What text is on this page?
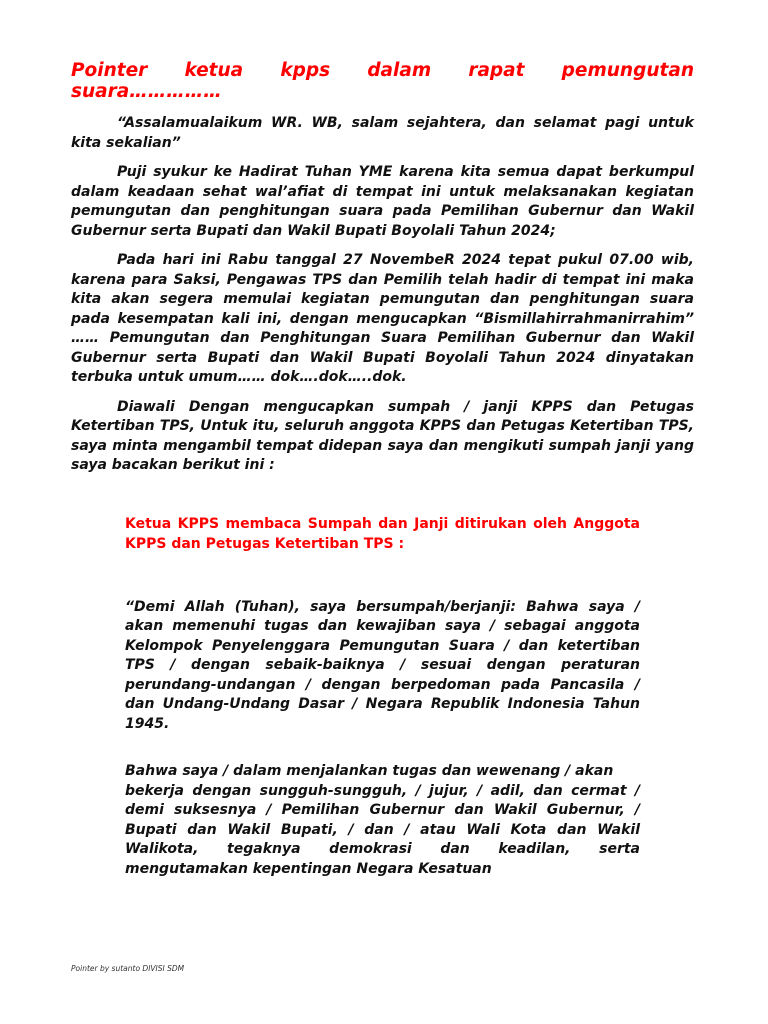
Pointer ketua kpps dalam rapat pemungutan suara……………

“Assalamualaikum WR. WB, salam sejahtera, dan selamat pagi untuk kita sekalian”

Puji syukur ke Hadirat Tuhan YME karena kita semua dapat berkumpul dalam keadaan sehat wal’afiat di tempat ini untuk melaksanakan kegiatan pemungutan dan penghitungan suara pada Pemilihan Gubernur dan Wakil Gubernur serta Bupati dan Wakil Bupati Boyolali Tahun 2024;

Pada hari ini Rabu tanggal 27 NovembeR 2024 tepat pukul 07.00 wib, karena para Saksi, Pengawas TPS dan Pemilih telah hadir di tempat ini maka kita akan segera memulai kegiatan pemungutan dan penghitungan suara pada kesempatan kali ini, dengan mengucapkan “Bismillahirrahmanirrahim” …… Pemungutan dan Penghitungan Suara Pemilihan Gubernur dan Wakil Gubernur serta Bupati dan Wakil Bupati Boyolali Tahun 2024 dinyatakan terbuka untuk umum…… dok….dok…..dok.

Diawali Dengan mengucapkan sumpah / janji KPPS dan Petugas Ketertiban TPS, Untuk itu, seluruh anggota KPPS dan Petugas Ketertiban TPS, saya minta mengambil tempat didepan saya dan mengikuti sumpah janji yang saya bacakan berikut ini :

Ketua KPPS membaca Sumpah dan Janji ditirukan oleh Anggota KPPS dan Petugas Ketertiban TPS :

“Demi Allah (Tuhan), saya bersumpah/berjanji: Bahwa saya / akan memenuhi tugas dan kewajiban saya / sebagai anggota Kelompok Penyelenggara Pemungutan Suara / dan ketertiban TPS / dengan sebaik-baiknya / sesuai dengan peraturan perundang-undangan / dengan berpedoman pada Pancasila / dan Undang-Undang Dasar / Negara Republik Indonesia Tahun 1945.

Bahwa saya / dalam menjalankan tugas dan wewenang / akan
bekerja dengan sungguh-sungguh, / jujur, / adil, dan cermat / demi suksesnya / Pemilihan Gubernur dan Wakil Gubernur, / Bupati dan Wakil Bupati, / dan / atau Wali Kota dan Wakil Walikota, tegaknya demokrasi dan keadilan, serta mengutamakan kepentingan Negara Kesatuan

Pointer by sutanto DIVISI SDM
